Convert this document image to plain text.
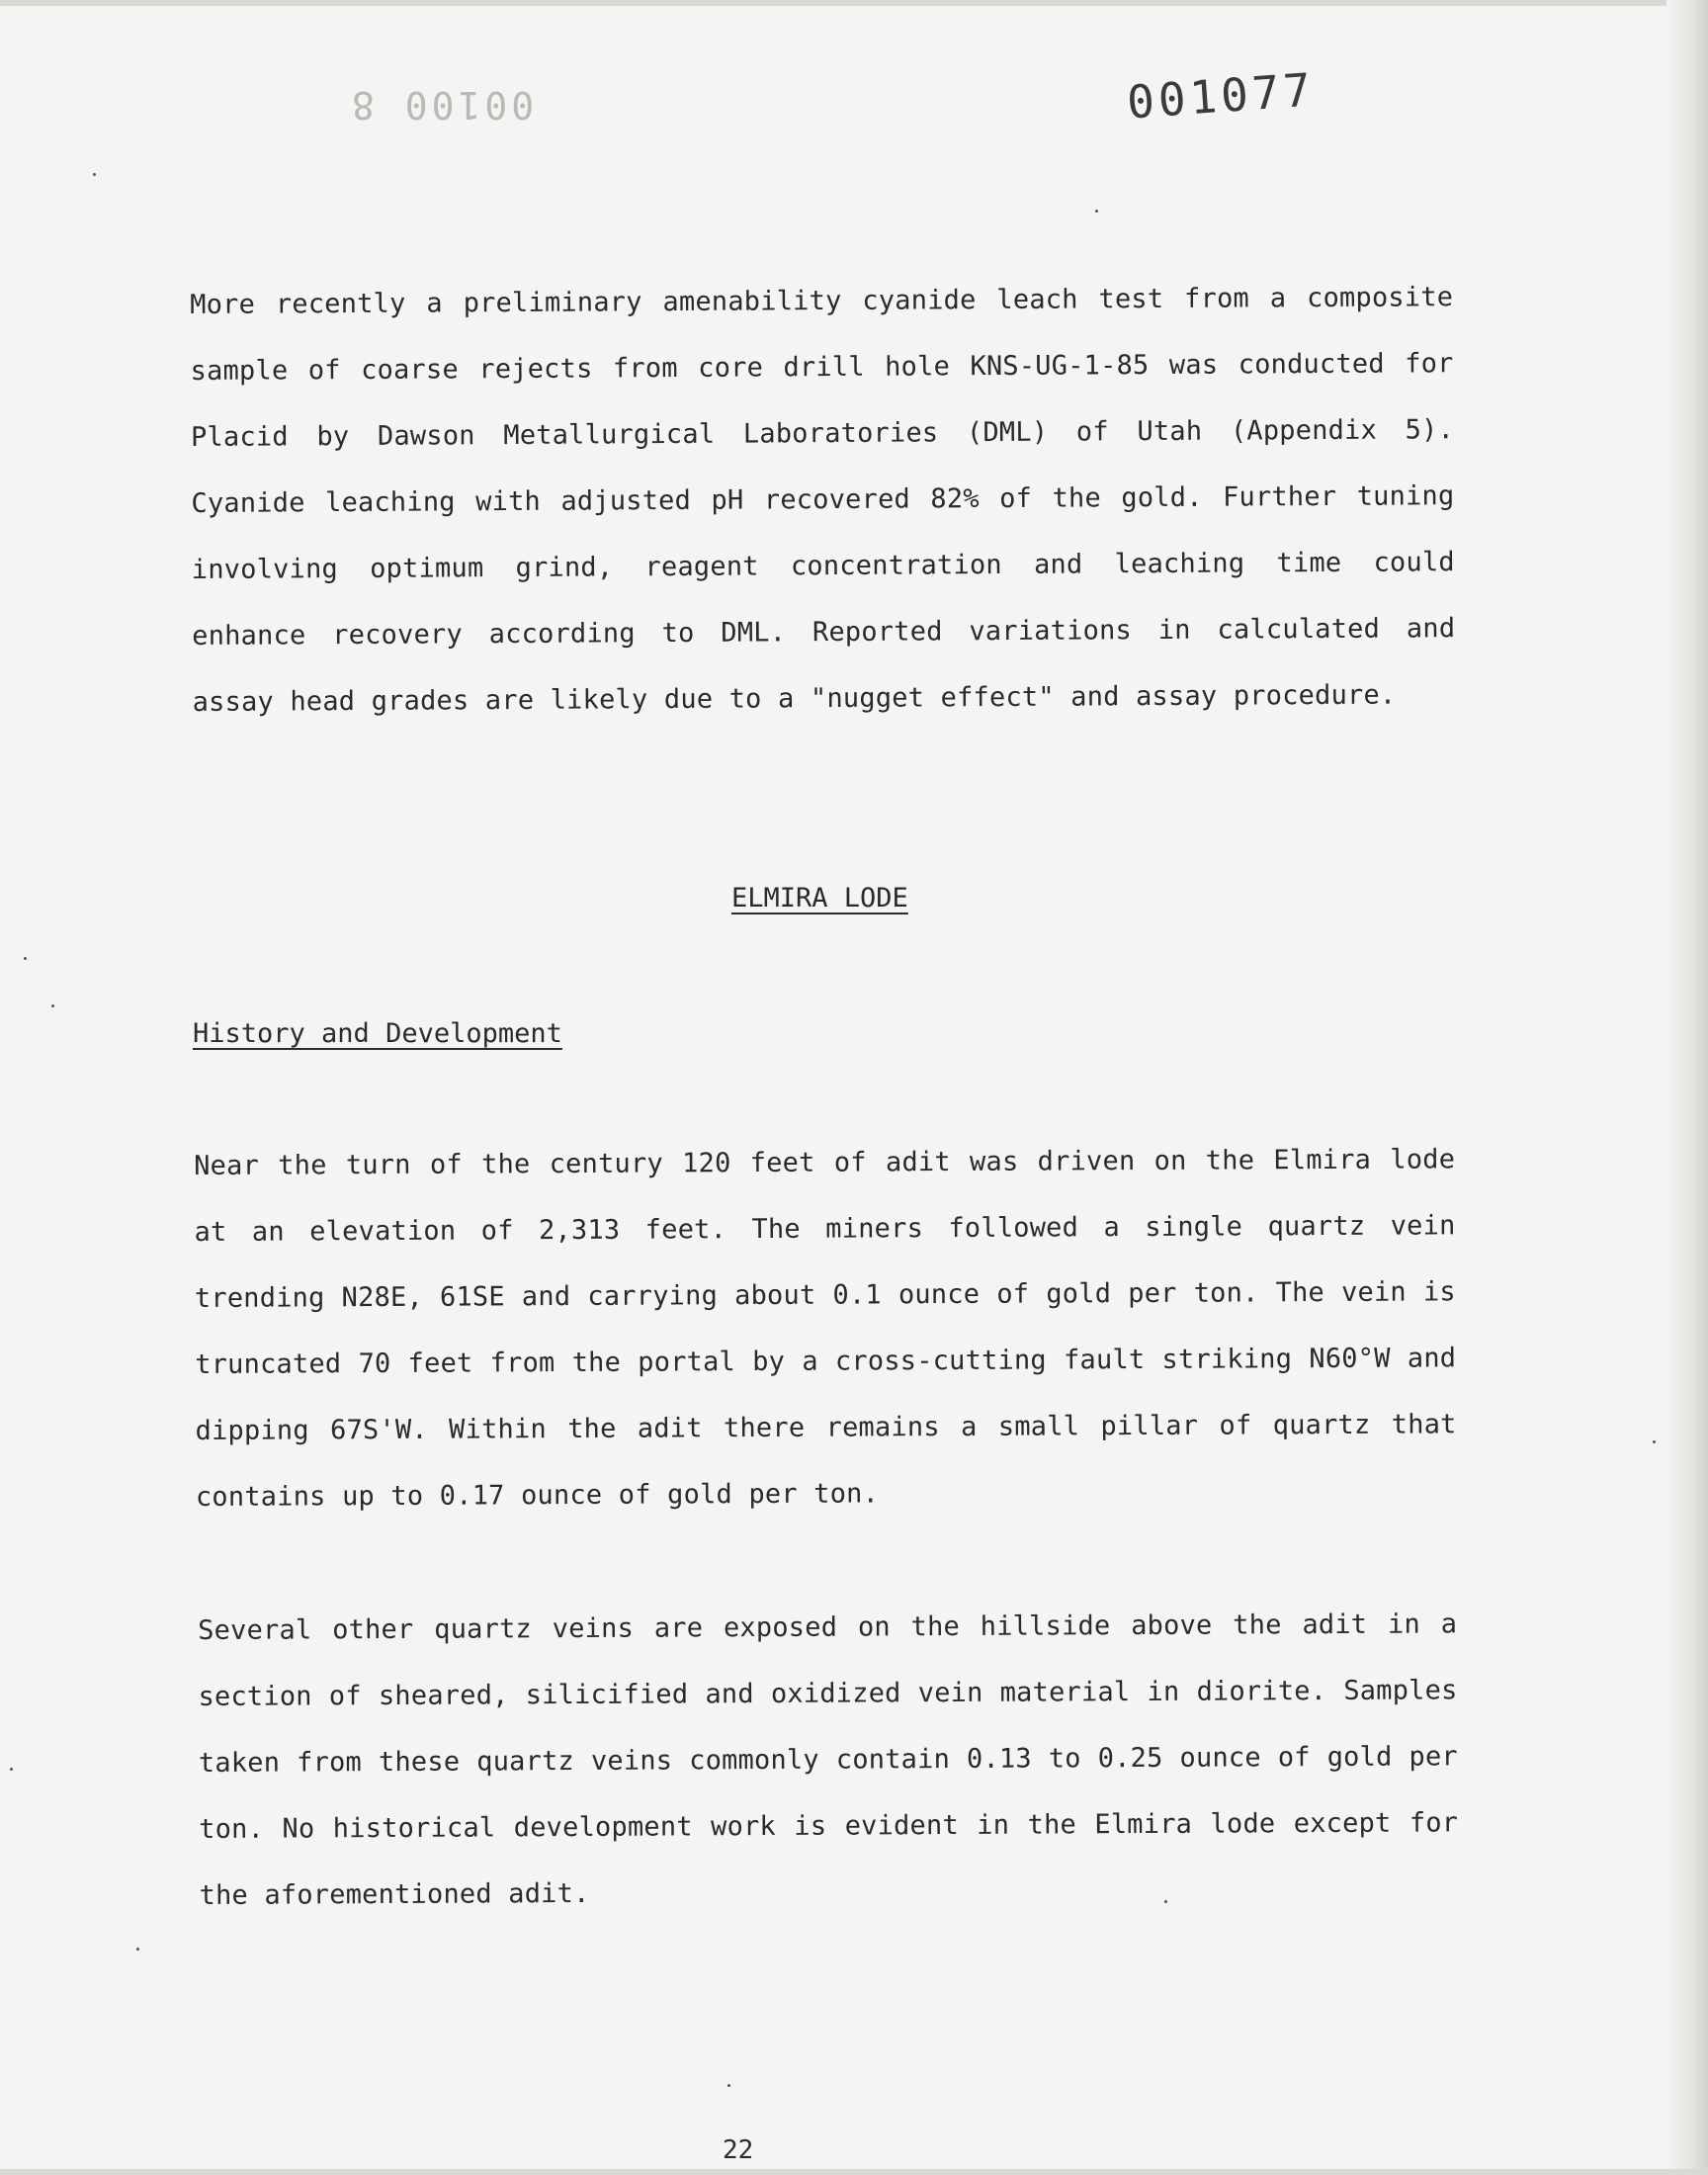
00100 8	001077

More recently a preliminary amenability cyanide leach test from a composite sample of coarse rejects from core drill hole KNS-UG-1-85 was conducted for Placid by Dawson Metallurgical Laboratories (DML) of Utah (Appendix 5). Cyanide leaching with adjusted pH recovered 82% of the gold. Further tuning involving optimum grind, reagent concentration and leaching time could enhance recovery according to DML. Reported variations in calculated and assay head grades are likely due to a "nugget effect" and assay procedure.

ELMIRA LODE
History and Development

Near the turn of the century 120 feet of adit was driven on the Elmira lode at an elevation of 2,313 feet. The miners followed a single quartz vein trending N28E, 61SE and carrying about 0.1 ounce of gold per ton. The vein is truncated 70 feet from the portal by a cross-cutting fault striking N60°W and dipping 67S'W. Within the adit there remains a small pillar of quartz that contains up to 0.17 ounce of gold per ton.

Several other quartz veins are exposed on the hillside above the adit in a section of sheared, silicified and oxidized vein material in diorite. Samples taken from these quartz veins commonly contain 0.13 to 0.25 ounce of gold per ton. No historical development work is evident in the Elmira lode except for the aforementioned adit.

22
